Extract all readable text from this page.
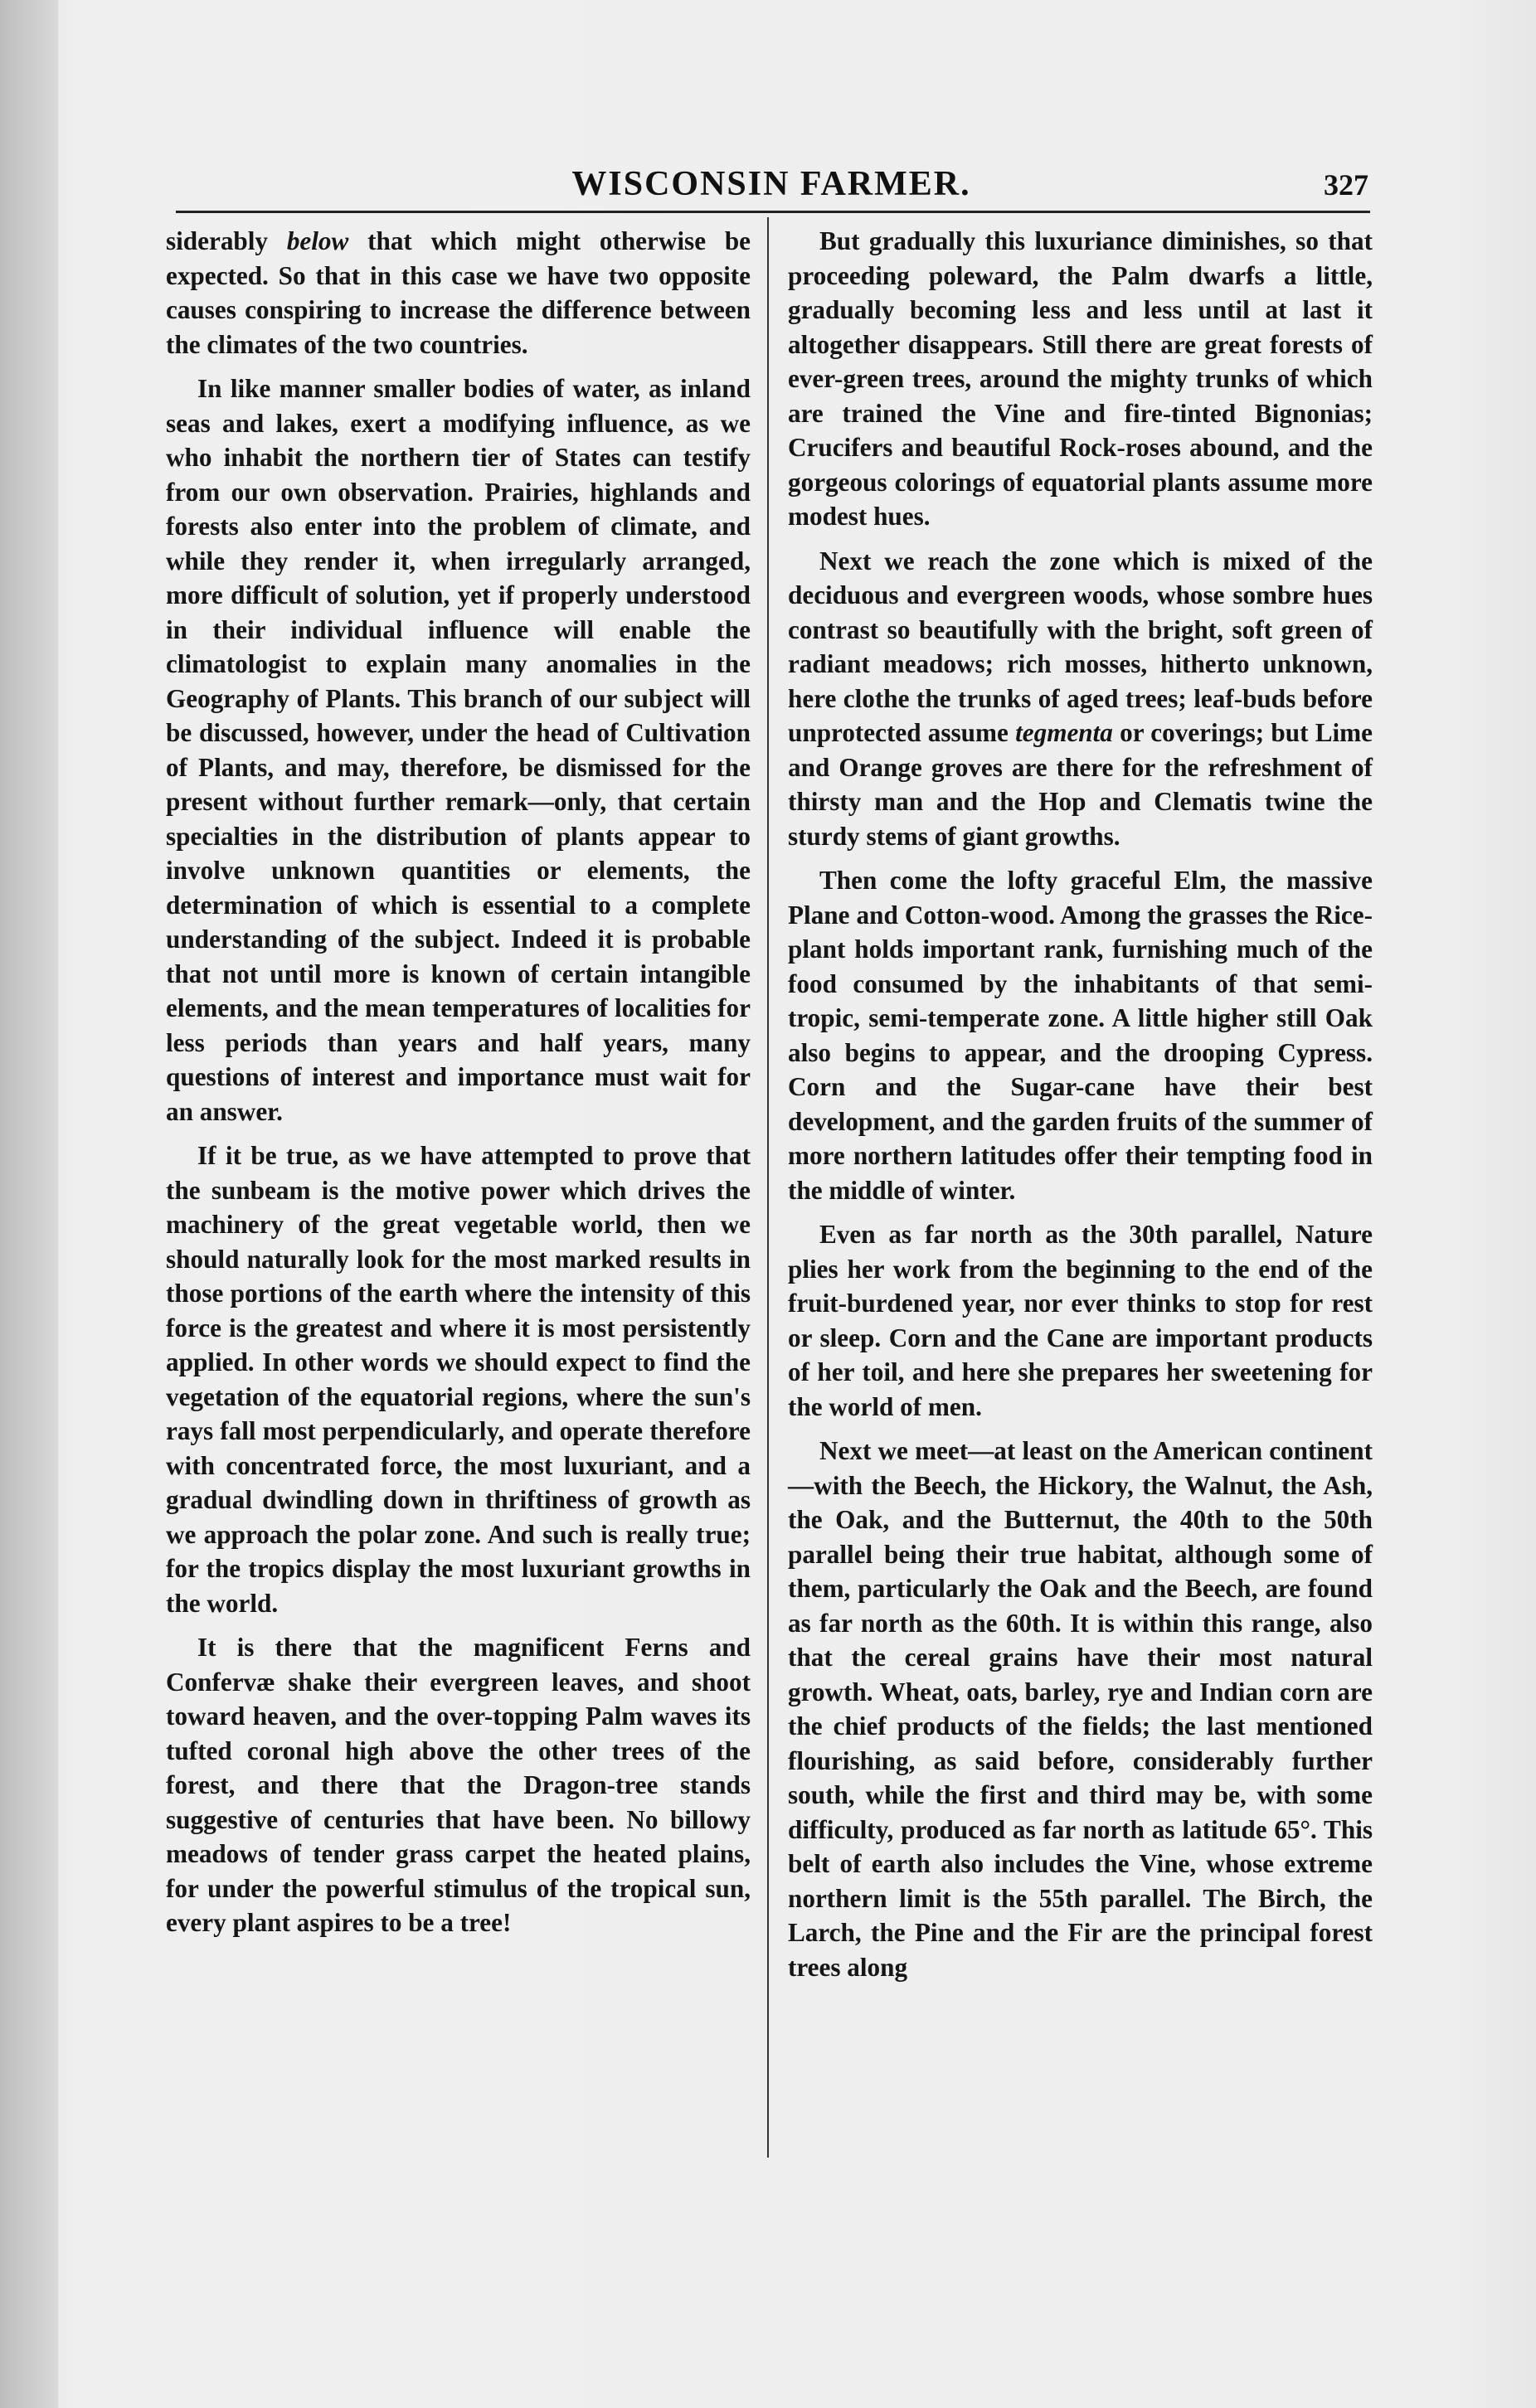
WISCONSIN FARMER.	327

siderably below that which might otherwise be expected. So that in this case we have two opposite causes conspiring to increase the difference between the climates of the two countries.

In like manner smaller bodies of water, as inland seas and lakes, exert a modifying influence, as we who inhabit the northern tier of States can testify from our own observation. Prairies, highlands and forests also enter into the problem of climate, and while they render it, when irregularly arranged, more difficult of solution, yet if properly understood in their individual influence will enable the climatologist to explain many anomalies in the Geography of Plants. This branch of our subject will be discussed, however, under the head of Cultivation of Plants, and may, therefore, be dismissed for the present without further remark—only, that certain specialties in the distribution of plants appear to involve unknown quantities or elements, the determination of which is essential to a complete understanding of the subject. Indeed it is probable that not until more is known of certain intangible elements, and the mean temperatures of localities for less periods than years and half years, many questions of interest and importance must wait for an answer.

If it be true, as we have attempted to prove that the sunbeam is the motive power which drives the machinery of the great vegetable world, then we should naturally look for the most marked results in those portions of the earth where the intensity of this force is the greatest and where it is most persistently applied. In other words we should expect to find the vegetation of the equatorial regions, where the sun's rays fall most perpendicularly, and operate therefore with concentrated force, the most luxuriant, and a gradual dwindling down in thriftiness of growth as we approach the polar zone. And such is really true; for the tropics display the most luxuriant growths in the world.

It is there that the magnificent Ferns and Confervæ shake their evergreen leaves, and shoot toward heaven, and the over-topping Palm waves its tufted coronal high above the other trees of the forest, and there that the Dragon-tree stands suggestive of centuries that have been. No billowy meadows of tender grass carpet the heated plains, for under the powerful stimulus of the tropical sun, every plant aspires to be a tree!

But gradually this luxuriance diminishes, so that proceeding poleward, the Palm dwarfs a little, gradually becoming less and less until at last it altogether disappears. Still there are great forests of ever-green trees, around the mighty trunks of which are trained the Vine and fire-tinted Bignonias; Crucifers and beautiful Rock-roses abound, and the gorgeous colorings of equatorial plants assume more modest hues.

Next we reach the zone which is mixed of the deciduous and evergreen woods, whose sombre hues contrast so beautifully with the bright, soft green of radiant meadows; rich mosses, hitherto unknown, here clothe the trunks of aged trees; leaf-buds before unprotected assume tegmenta or coverings; but Lime and Orange groves are there for the refreshment of thirsty man and the Hop and Clematis twine the sturdy stems of giant growths.

Then come the lofty graceful Elm, the massive Plane and Cotton-wood. Among the grasses the Rice-plant holds important rank, furnishing much of the food consumed by the inhabitants of that semi-tropic, semi-temperate zone. A little higher still Oak also begins to appear, and the drooping Cypress. Corn and the Sugar-cane have their best development, and the garden fruits of the summer of more northern latitudes offer their tempting food in the middle of winter.

Even as far north as the 30th parallel, Nature plies her work from the beginning to the end of the fruit-burdened year, nor ever thinks to stop for rest or sleep. Corn and the Cane are important products of her toil, and here she prepares her sweetening for the world of men.

Next we meet—at least on the American continent—with the Beech, the Hickory, the Walnut, the Ash, the Oak, and the Butternut, the 40th to the 50th parallel being their true habitat, although some of them, particularly the Oak and the Beech, are found as far north as the 60th. It is within this range, also that the cereal grains have their most natural growth. Wheat, oats, barley, rye and Indian corn are the chief products of the fields; the last mentioned flourishing, as said before, considerably further south, while the first and third may be, with some difficulty, produced as far north as latitude 65°. This belt of earth also includes the Vine, whose extreme northern limit is the 55th parallel. The Birch, the Larch, the Pine and the Fir are the principal forest trees along
